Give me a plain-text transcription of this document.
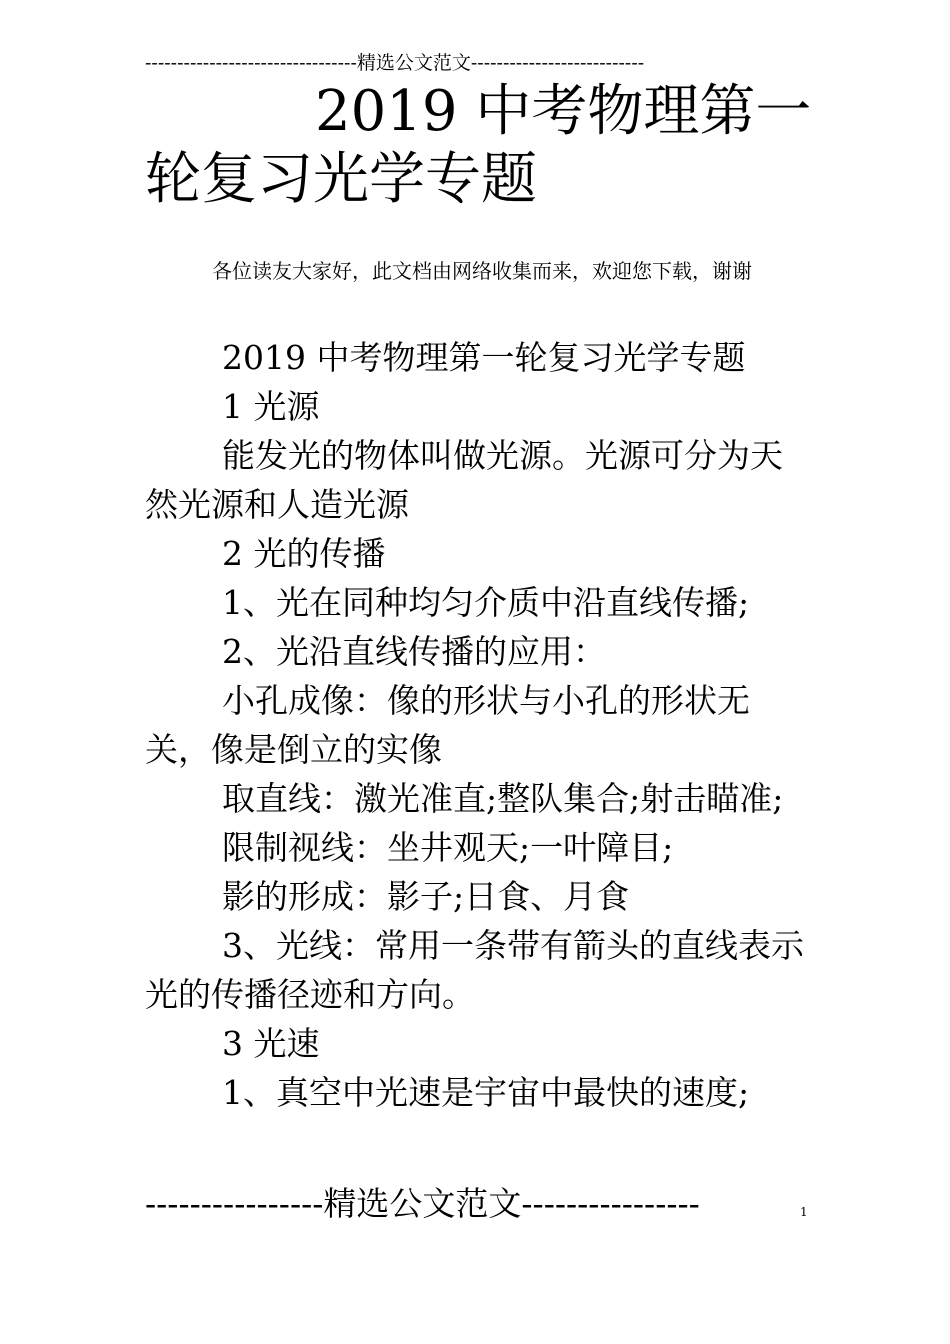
---------------------------------精选公文范文---------------------------
2019 中考物理第一
轮复习光学专题
各位读友大家好，此文档由网络收集而来，欢迎您下载，谢谢

2019 中考物理第一轮复习光学专题

1 光源

能发光的物体叫做光源。光源可分为天然光源和人造光源

2 光的传播

1、光在同种均匀介质中沿直线传播;

2、光沿直线传播的应用：

小孔成像：像的形状与小孔的形状无关，像是倒立的实像

取直线：激光准直;整队集合;射击瞄准;

限制视线：坐井观天;一叶障目;

影的形成：影子;日食、月食

3、光线：常用一条带有箭头的直线表示光的传播径迹和方向。

3 光速

1、真空中光速是宇宙中最快的速度;

----------------精选公文范文----------------	1
